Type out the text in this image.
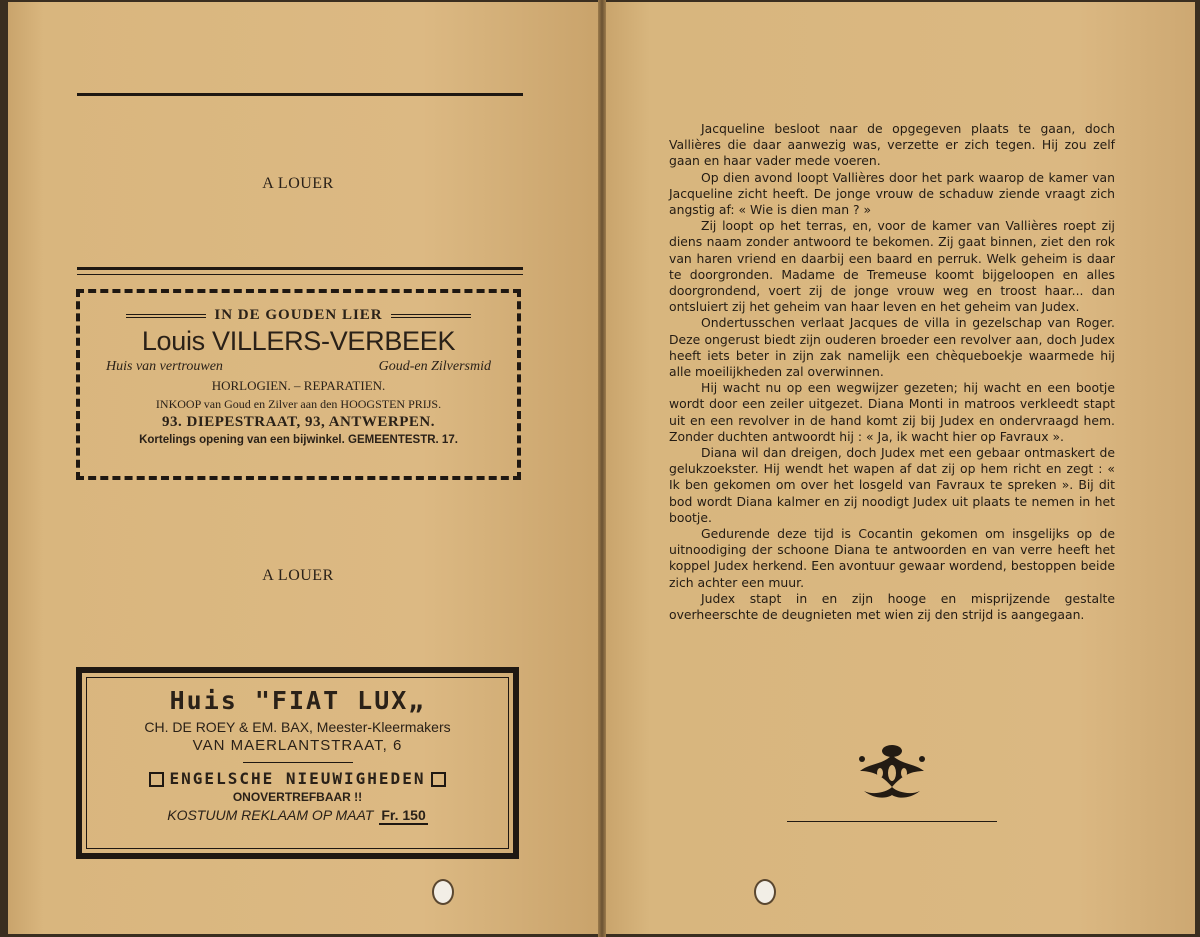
A LOUER
IN DE GOUDEN LIER
Louis VILLERS-VERBEEK
Huis van vertrouwen	Goud-en Zilversmid
HORLOGIEN. – REPARATIEN.
INKOOP van Goud en Zilver aan den HOOGSTEN PRIJS.
93. DIEPESTRAAT, 93, ANTWERPEN.
Kortelings opening van een bijwinkel. GEMEENTESTR. 17.
A LOUER
Huis "FIAT LUX„
CH. DE ROEY & EM. BAX, Meester-Kleermakers
VAN MAERLANTSTRAAT, 6
ENGELSCHE NIEUWIGHEDEN
ONOVERTREFBAAR !!
KOSTUUM REKLAAM OP MAAT Fr. 150

Jacqueline besloot naar de opgegeven plaats te gaan, doch Vallières die daar aanwezig was, verzette er zich tegen. Hij zou zelf gaan en haar vader mede voeren.

Op dien avond loopt Vallières door het park waarop de kamer van Jacqueline zicht heeft. De jonge vrouw de schaduw ziende vraagt zich angstig af: « Wie is dien man ? »

Zij loopt op het terras, en, voor de kamer van Vallières roept zij diens naam zonder antwoord te bekomen. Zij gaat binnen, ziet den rok van haren vriend en daarbij een baard en perruk. Welk geheim is daar te doorgronden. Madame de Tremeuse koomt bijgeloopen en alles doorgrondend, voert zij de jonge vrouw weg en troost haar... dan ontsluiert zij het geheim van haar leven en het geheim van Judex.

Ondertusschen verlaat Jacques de villa in gezelschap van Roger. Deze ongerust biedt zijn ouderen broeder een revolver aan, doch Judex heeft iets beter in zijn zak namelijk een chèqueboekje waarmede hij alle moeilijkheden zal overwinnen.

Hij wacht nu op een wegwijzer gezeten; hij wacht en een bootje wordt door een zeiler uitgezet. Diana Monti in matroos verkleedt stapt uit en een revolver in de hand komt zij bij Judex en ondervraagd hem. Zonder duchten antwoordt hij : « Ja, ik wacht hier op Favraux ».

Diana wil dan dreigen, doch Judex met een gebaar ontmaskert de gelukzoekster. Hij wendt het wapen af dat zij op hem richt en zegt : « Ik ben gekomen om over het losgeld van Favraux te spreken ». Bij dit bod wordt Diana kalmer en zij noodigt Judex uit plaats te nemen in het bootje.

Gedurende deze tijd is Cocantin gekomen om insgelijks op de uitnoodiging der schoone Diana te antwoorden en van verre heeft het koppel Judex herkend. Een avontuur gewaar wordend, bestoppen beide zich achter een muur.

Judex stapt in en zijn hooge en misprijzende gestalte overheerschte de deugnieten met wien zij den strijd is aangegaan.
